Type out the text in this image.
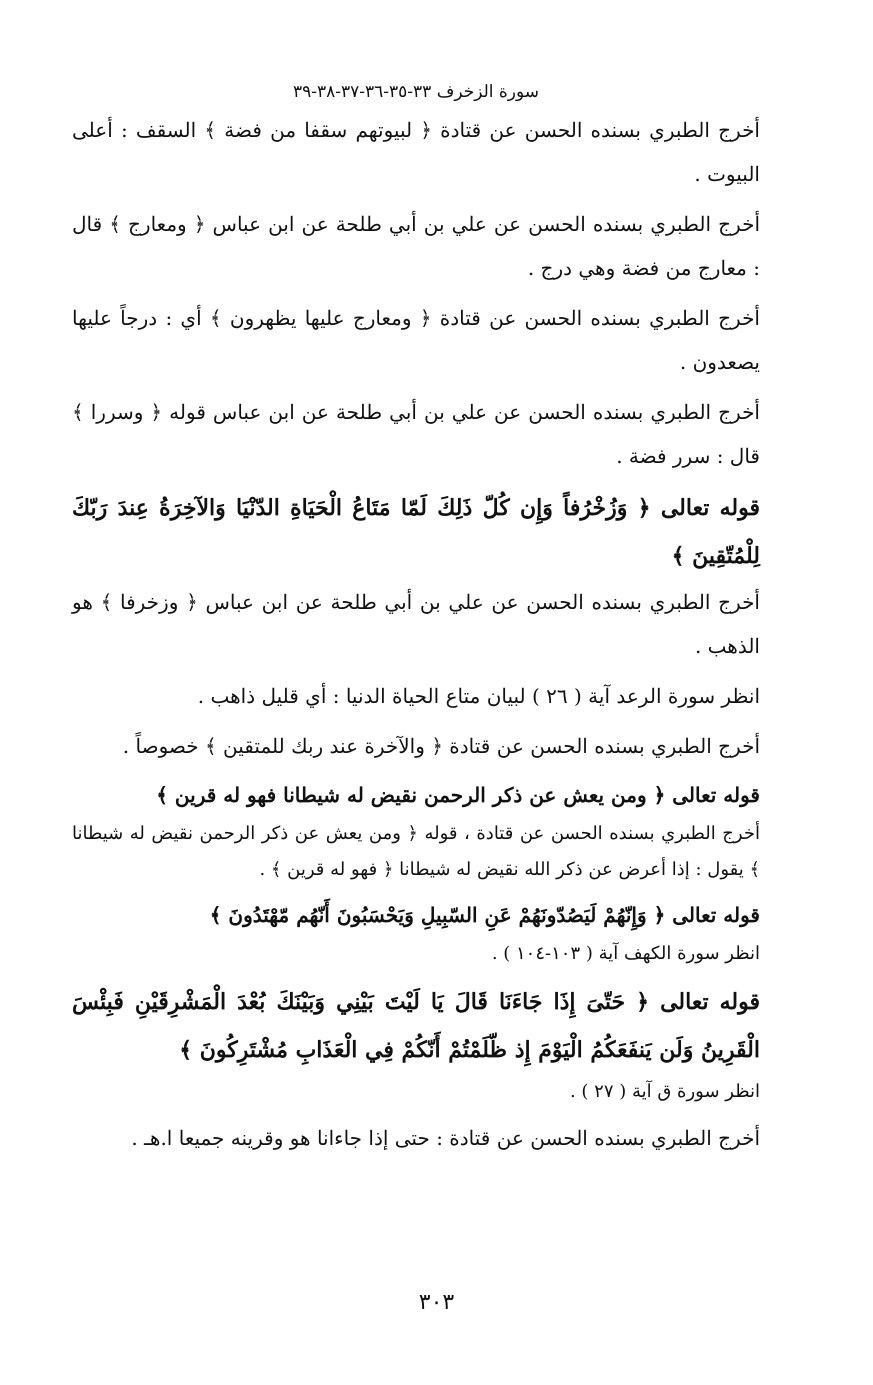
سورة الزخرف ٣٣-٣٥-٣٦-٣٧-٣٨-٣٩

أخرج الطبري بسنده الحسن عن قتادة ﴿ لبيوتهم سقفا من فضة ﴾ السقف : أعلى البيوت .

أخرج الطبري بسنده الحسن عن علي بن أبي طلحة عن ابن عباس ﴿ ومعارج ﴾ قال : معارج من فضة وهي درج .

أخرج الطبري بسنده الحسن عن قتادة ﴿ ومعارج عليها يظهرون ﴾ أي : درجاً عليها يصعدون .

أخرج الطبري بسنده الحسن عن علي بن أبي طلحة عن ابن عباس قوله ﴿ وسررا ﴾ قال : سرر فضة .

قوله تعالى ﴿ وَزُخْرُفاً وَإِن كُلّ ذَلِكَ لَمّا مَتَاعُ الْحَيَاةِ الدّنْيَا وَالآخِرَةُ عِندَ رَبّكَ لِلْمُتّقِينَ ﴾

أخرج الطبري بسنده الحسن عن علي بن أبي طلحة عن ابن عباس ﴿ وزخرفا ﴾ هو الذهب .

انظر سورة الرعد آية ( ٢٦ ) لبيان متاع الحياة الدنيا : أي قليل ذاهب .

أخرج الطبري بسنده الحسن عن قتادة ﴿ والآخرة عند ربك للمتقين ﴾ خصوصاً .

قوله تعالى ﴿ ومن يعش عن ذكر الرحمن نقيض له شيطانا فهو له قرين ﴾

أخرج الطبري بسنده الحسن عن قتادة ، قوله ﴿ ومن يعش عن ذكر الرحمن نقيض له شيطانا ﴾ يقول : إذا أعرض عن ذكر الله نقيض له شيطانا ﴿ فهو له قرين ﴾ .

قوله تعالى ﴿ وَإِنّهُمْ لَيَصُدّونَهُمْ عَنِ السّبِيلِ وَيَحْسَبُونَ أَنّهُم مّهْتَدُونَ ﴾

انظر سورة الكهف آية ( ١٠٣-١٠٤ ) .

قوله تعالى ﴿ حَتّىَ إِذَا جَاءَنَا قَالَ يَا لَيْتَ بَيْنِي وَبَيْنَكَ بُعْدَ الْمَشْرِقَيْنِ فَبِئْسَ الْقَرِينُ وَلَن يَنفَعَكُمُ الْيَوْمَ إِذ ظّلَمْتُمْ أَنّكُمْ فِي الْعَذَابِ مُشْتَرِكُونَ ﴾

انظر سورة ق آية ( ٢٧ ) .

أخرج الطبري بسنده الحسن عن قتادة : حتى إذا جاءانا هو وقرينه جميعا ا.هـ .

٣٠٣
